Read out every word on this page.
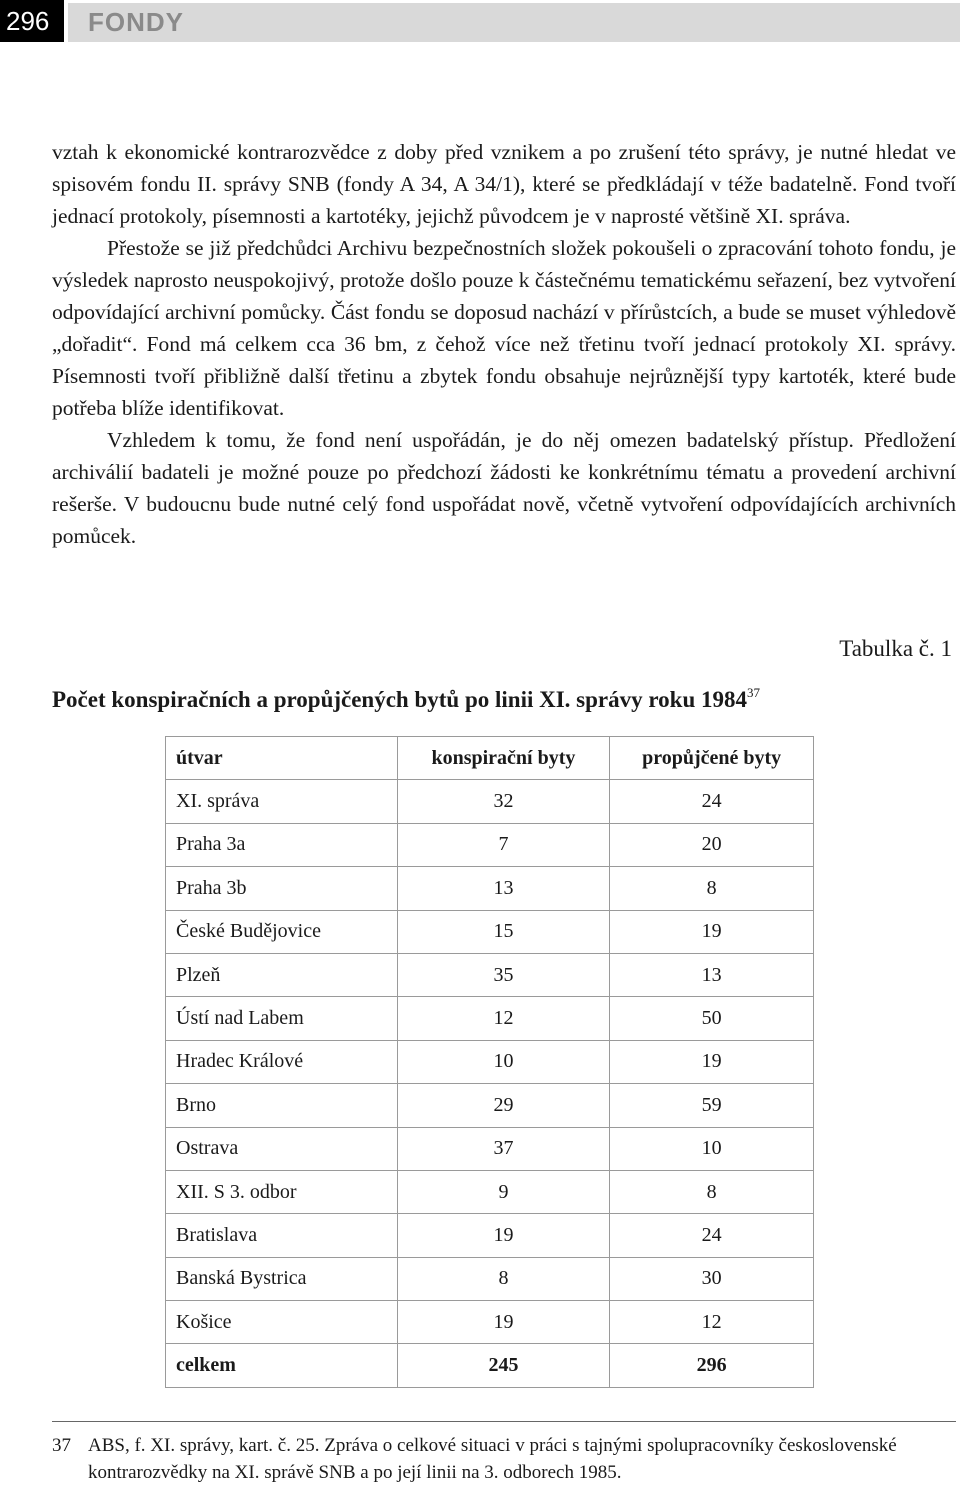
296	FONDY

vztah k ekonomické kontrarozvědce z doby před vznikem a po zrušení této správy, je nutné hledat ve spisovém fondu II. správy SNB (fondy A 34, A 34/1), které se předkládají v téže badatelně. Fond tvoří jednací protokoly, písemnosti a kartotéky, jejichž původcem je v naprosté většině XI. správa.

Přestože se již předchůdci Archivu bezpečnostních složek pokoušeli o zpracování tohoto fondu, je výsledek naprosto neuspokojivý, protože došlo pouze k částečnému tematickému seřazení, bez vytvoření odpovídající archivní pomůcky. Část fondu se doposud nachází v přírůstcích, a bude se muset výhledově „dořadit“. Fond má celkem cca 36 bm, z čehož více než třetinu tvoří jednací protokoly XI. správy. Písemnosti tvoří přibližně další třetinu a zbytek fondu obsahuje nejrůznější typy kartoték, které bude potřeba blíže identifikovat.

Vzhledem k tomu, že fond není uspořádán, je do něj omezen badatelský přístup. Předložení archiválií badateli je možné pouze po předchozí žádosti ke konkrétnímu tématu a provedení archivní rešerše. V budoucnu bude nutné celý fond uspořádat nově, včetně vytvoření odpovídajících archivních pomůcek.

Tabulka č. 1
Počet konspiračních a propůjčených bytů po linii XI. správy roku 1984$^{37}$
útvar	konspirační byty	propůjčené byty
XI. správa	32	24
Praha 3a	7	20
Praha 3b	13	8
České Budějovice	15	19
Plzeň	35	13
Ústí nad Labem	12	50
Hradec Králové	10	19
Brno	29	59
Ostrava	37	10
XII. S 3. odbor	9	8
Bratislava	19	24
Banská Bystrica	8	30
Košice	19	12
celkem	245	296
37 ABS, f. XI. správy, kart. č. 25. Zpráva o celkové situaci v práci s tajnými spolupracovníky československé kontrarozvědky na XI. správě SNB a po její linii na 3. odborech 1985.
